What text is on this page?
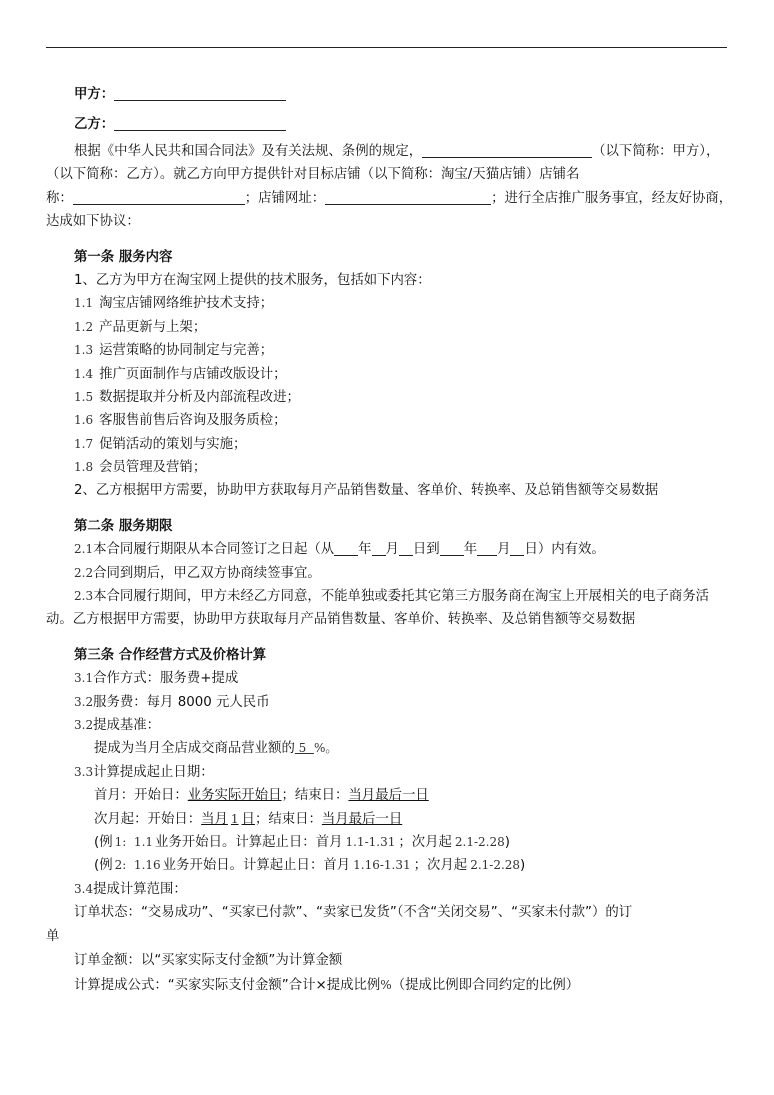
甲方：
乙方：
根据《中华人民共和国合同法》及有关法规、条例的规定，	（以下简称：甲方），
（以下简称：乙方）。就乙方向甲方提供针对目标店铺（以下简称：淘宝/天猫店铺）店铺名
称：	；店铺网址：	；进行全店推广服务事宜，经友好协商，
达成如下协议：
第一条 服务内容
1、乙方为甲方在淘宝网上提供的技术服务，包括如下内容：
1.1 淘宝店铺网络维护技术支持；
1.2 产品更新与上架；
1.3 运营策略的协同制定与完善；
1.4 推广页面制作与店铺改版设计；
1.5 数据提取并分析及内部流程改进；
1.6 客服售前售后咨询及服务质检；
1.7 促销活动的策划与实施；
1.8 会员管理及营销；
2、乙方根据甲方需要，协助甲方获取每月产品销售数量、客单价、转换率、及总销售额等交易数据
第二条 服务期限
2.1本合同履行期限从本合同签订之日起（从 年 月 日到 年 月 日）内有效。
2.2合同到期后，甲乙双方协商续签事宜。
2.3本合同履行期间，甲方未经乙方同意，不能单独或委托其它第三方服务商在淘宝上开展相关的电子商务活
动。乙方根据甲方需要，协助甲方获取每月产品销售数量、客单价、转换率、及总销售额等交易数据
第三条 合作经营方式及价格计算
3.1合作方式：服务费+提成
3.2服务费：每月 8000 元人民币
3.2提成基准：
提成为当月全店成交商品营业额的 5  %。
3.3计算提成起止日期：
首月：开始日：业务实际开始日；结束日：当月最后一日
次月起：开始日：当月 1 日；结束日：当月最后一日
(例 1:  1.1 业务开始日。计算起止日：首月 1.1-1.31 ；次月起 2.1-2.28)
(例 2:  1.16 业务开始日。计算起止日：首月 1.16-1.31 ；次月起 2.1-2.28)
3.4提成计算范围：
订单状态：“交易成功”、“买家已付款”、“卖家已发货”（不含“关闭交易”、“买家未付款”）的订
单
订单金额：以“买家实际支付金额”为计算金额
计算提成公式：“买家实际支付金额”合计×提成比例%（提成比例即合同约定的比例）
